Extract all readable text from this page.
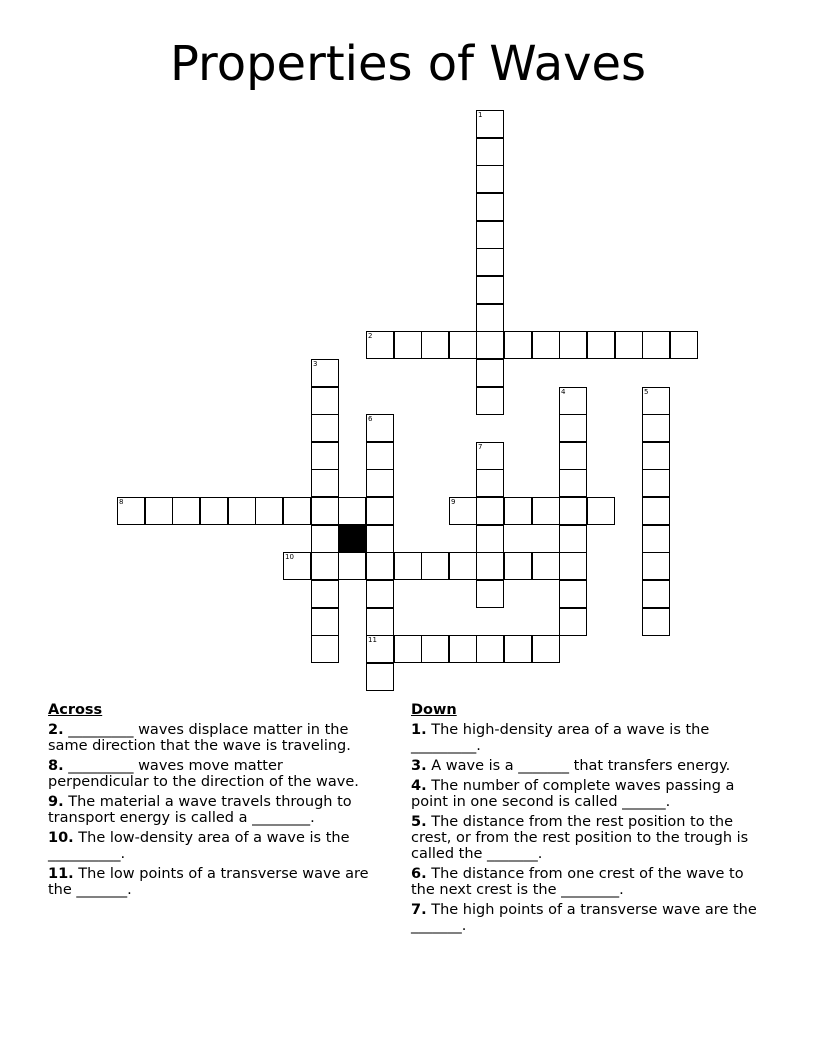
Properties of Waves
1
3
4	5
6
11
7
2
8	9
10
Across
2. _________ waves displace matter in the same direction that the wave is traveling.
8. _________ waves move matter perpendicular to the direction of the wave.
9. The material a wave travels through to transport energy is called a ________.
10. The low-density area of a wave is the __________.
11. The low points of a transverse wave are the _______.
Down
1. The high-density area of a wave is the _________.
3. A wave is a _______ that transfers energy.
4. The number of complete waves passing a point in one second is called ______.
5. The distance from the rest position to the crest, or from the rest position to the trough is called the _______.
6. The distance from one crest of the wave to the next crest is the ________.
7. The high points of a transverse wave are the _______.
